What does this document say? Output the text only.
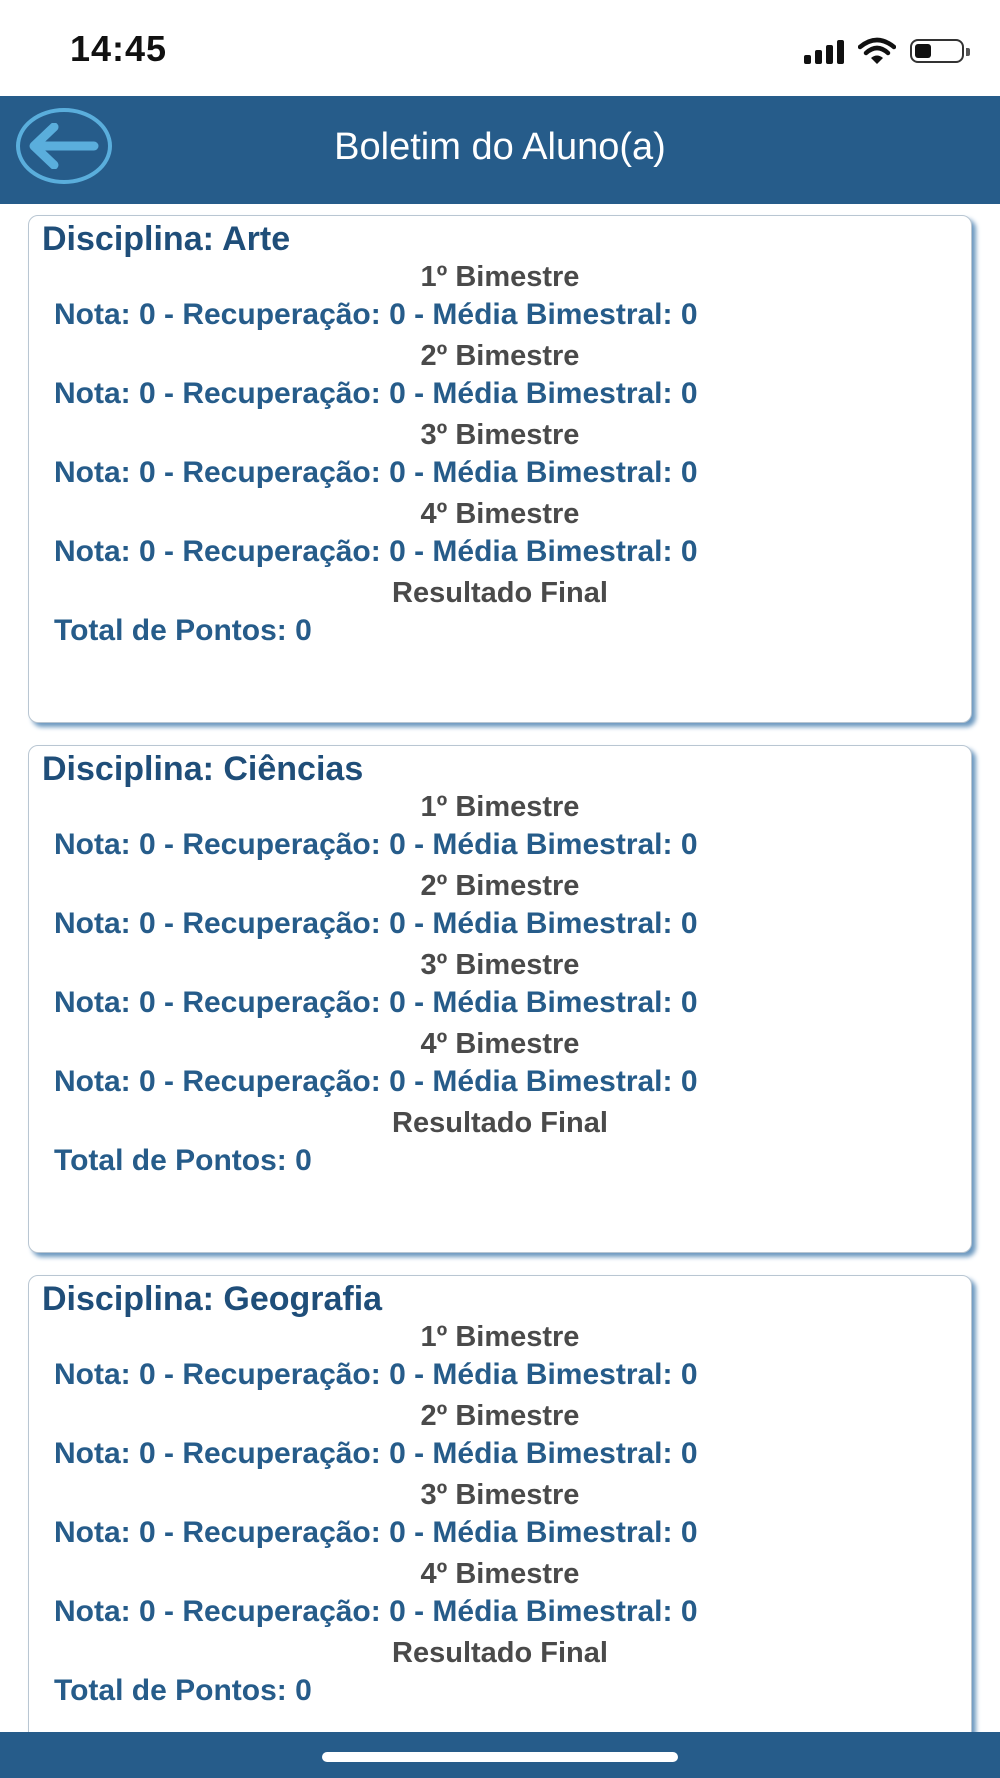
14:45
Boletim do Aluno(a)
Disciplina: Arte
1º Bimestre
Nota: 0 - Recuperação: 0 - Média Bimestral: 0
2º Bimestre
Nota: 0 - Recuperação: 0 - Média Bimestral: 0
3º Bimestre
Nota: 0 - Recuperação: 0 - Média Bimestral: 0
4º Bimestre
Nota: 0 - Recuperação: 0 - Média Bimestral: 0
Resultado Final
Total de Pontos: 0
Disciplina: Ciências
1º Bimestre
Nota: 0 - Recuperação: 0 - Média Bimestral: 0
2º Bimestre
Nota: 0 - Recuperação: 0 - Média Bimestral: 0
3º Bimestre
Nota: 0 - Recuperação: 0 - Média Bimestral: 0
4º Bimestre
Nota: 0 - Recuperação: 0 - Média Bimestral: 0
Resultado Final
Total de Pontos: 0
Disciplina: Geografia
1º Bimestre
Nota: 0 - Recuperação: 0 - Média Bimestral: 0
2º Bimestre
Nota: 0 - Recuperação: 0 - Média Bimestral: 0
3º Bimestre
Nota: 0 - Recuperação: 0 - Média Bimestral: 0
4º Bimestre
Nota: 0 - Recuperação: 0 - Média Bimestral: 0
Resultado Final
Total de Pontos: 0
